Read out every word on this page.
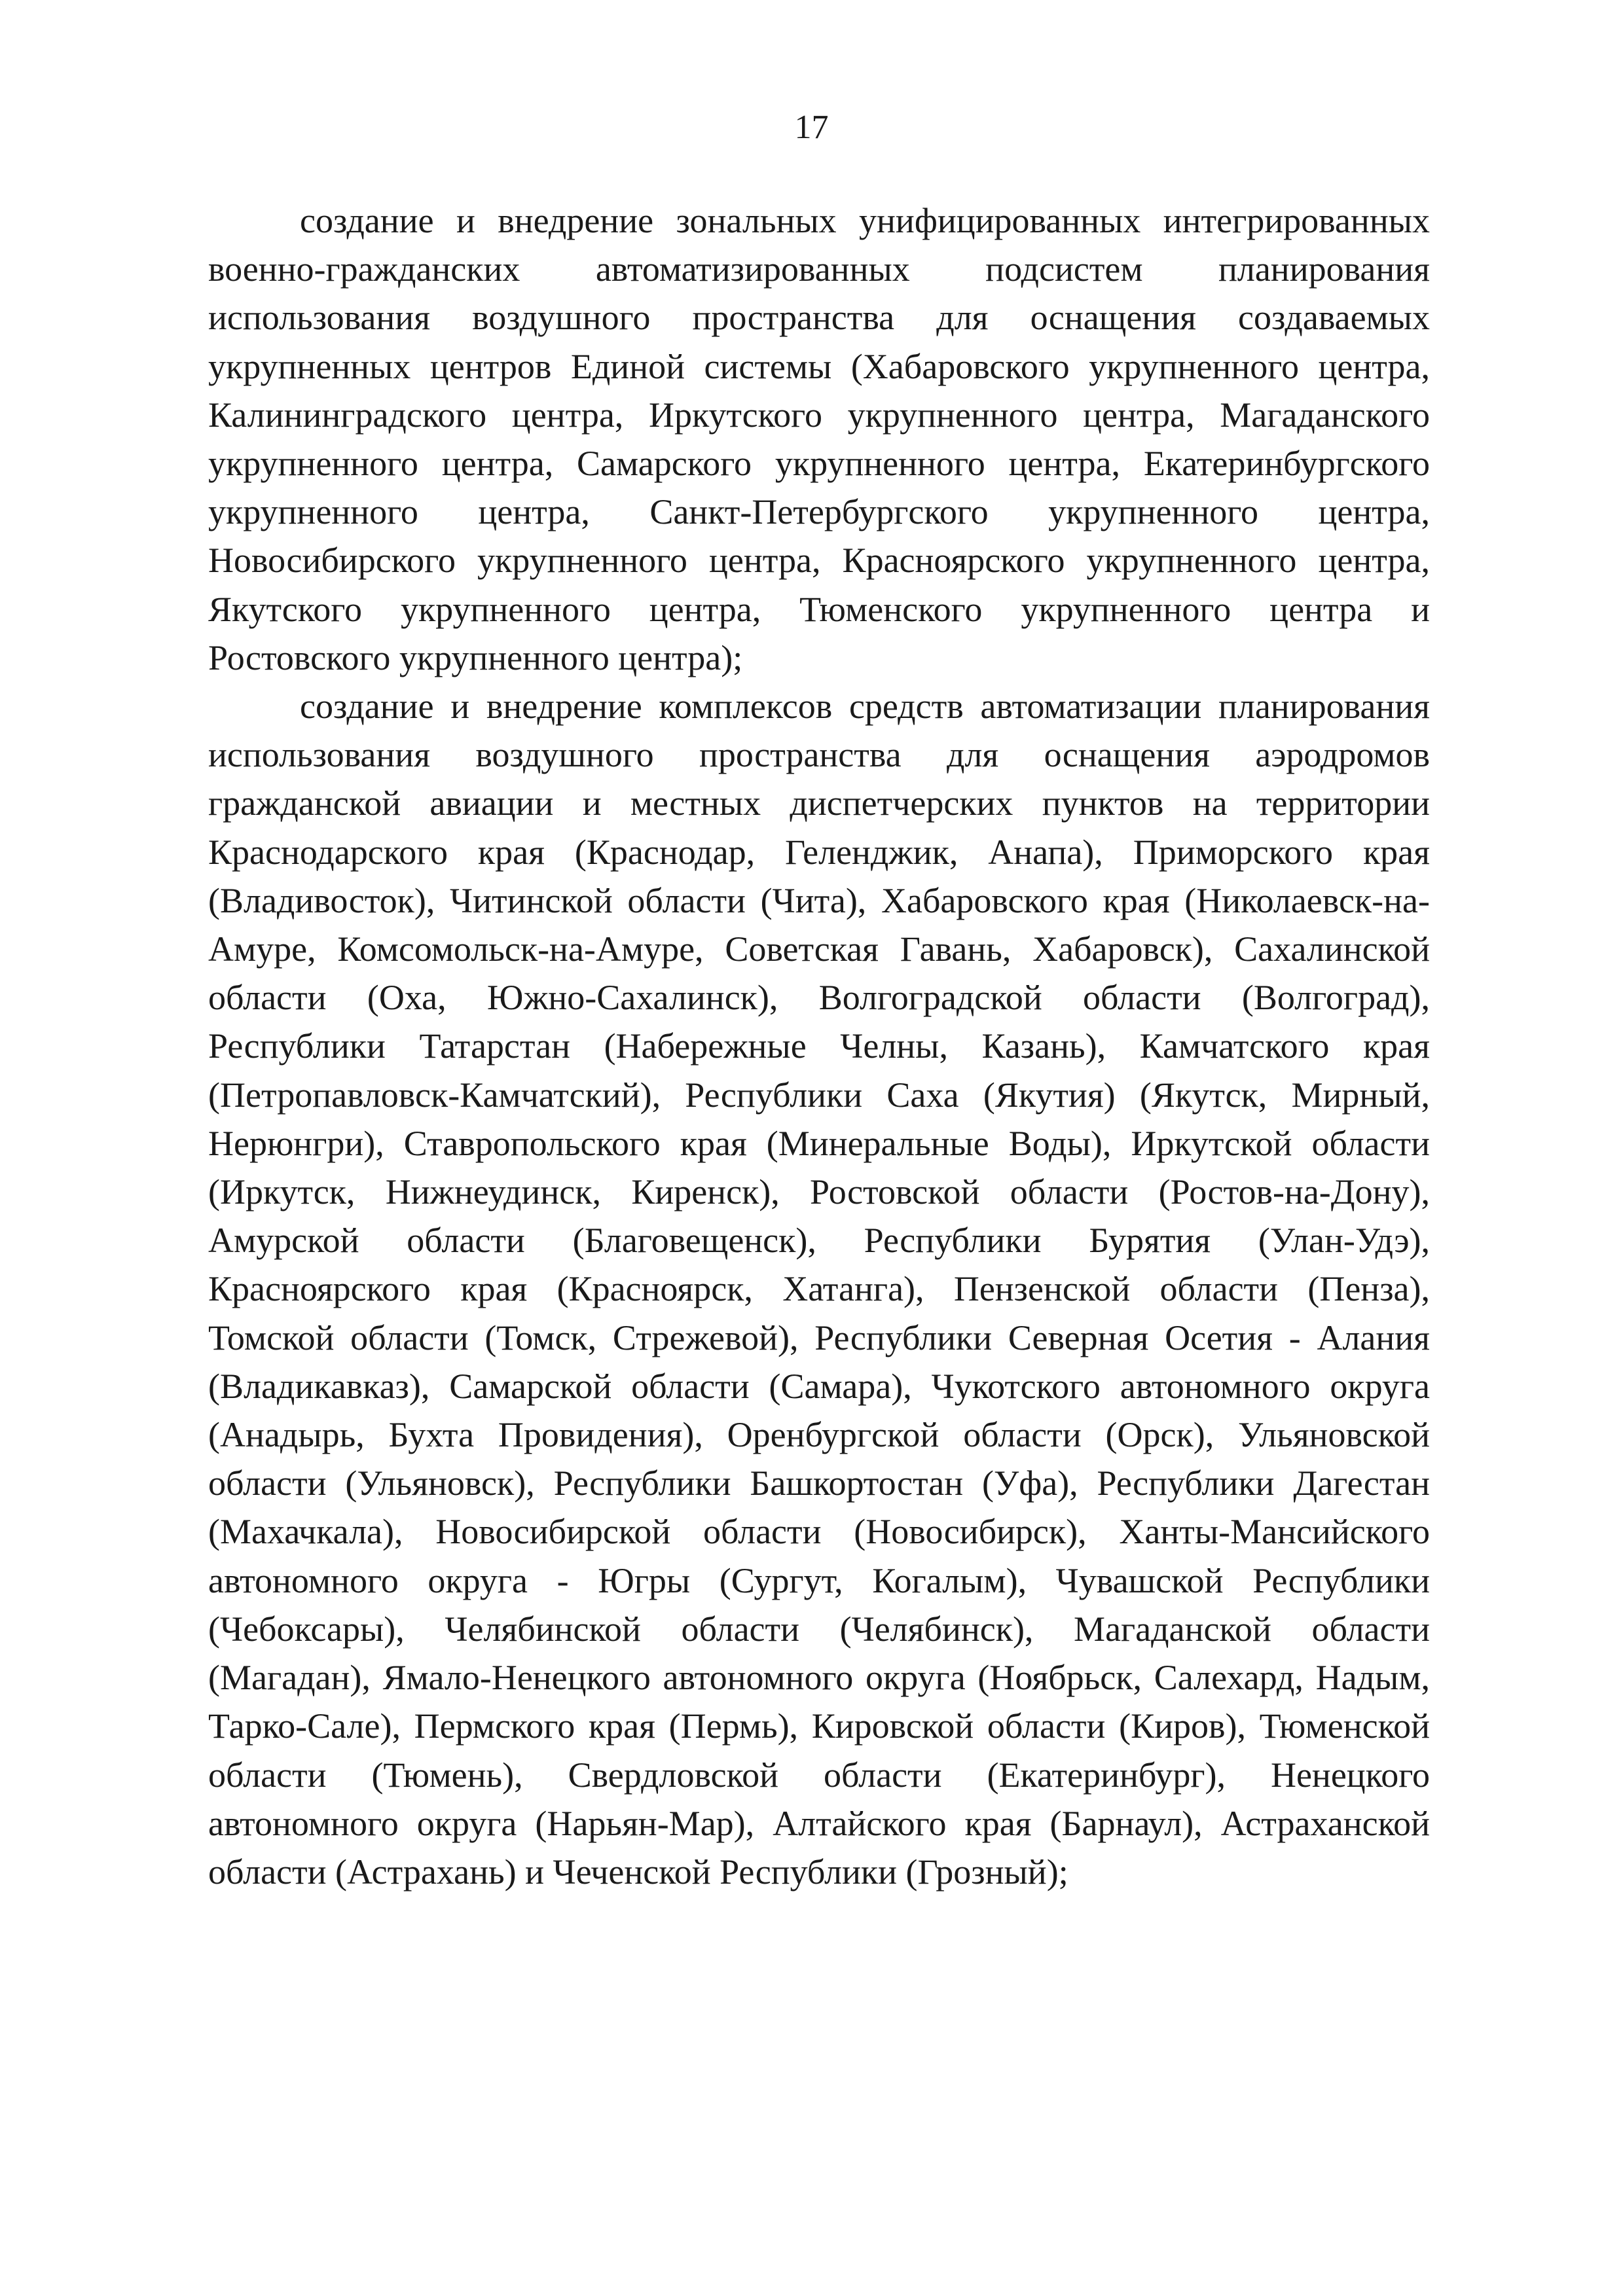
17

создание и внедрение зональных унифицированных интегрированных военно-гражданских автоматизированных подсистем планирования использования воздушного пространства для оснащения создаваемых укрупненных центров Единой системы (Хабаровского укрупненного центра, Калининградского центра, Иркутского укрупненного центра, Магаданского укрупненного центра, Самарского укрупненного центра, Екатеринбургского укрупненного центра, Санкт-Петербургского укрупненного центра, Новосибирского укрупненного центра, Красноярского укрупненного центра, Якутского укрупненного центра, Тюменского укрупненного центра и Ростовского укрупненного центра);

создание и внедрение комплексов средств автоматизации планирования использования воздушного пространства для оснащения аэродромов гражданской авиации и местных диспетчерских пунктов на территории Краснодарского края (Краснодар, Геленджик, Анапа), Приморского края (Владивосток), Читинской области (Чита), Хабаровского края (Николаевск-на-Амуре, Комсомольск-на-Амуре, Советская Гавань, Хабаровск), Сахалинской области (Оха, Южно-Сахалинск), Волгоградской области (Волгоград), Республики Татарстан (Набережные Челны, Казань), Камчатского края (Петропавловск-Камчатский), Республики Саха (Якутия) (Якутск, Мирный, Нерюнгри), Ставропольского края (Минеральные Воды), Иркутской области (Иркутск, Нижнеудинск, Киренск), Ростовской области (Ростов-на-Дону), Амурской области (Благовещенск), Республики Бурятия (Улан-Удэ), Красноярского края (Красноярск, Хатанга), Пензенской области (Пенза), Томской области (Томск, Стрежевой), Республики Северная Осетия - Алания (Владикавказ), Самарской области (Самара), Чукотского автономного округа (Анадырь, Бухта Провидения), Оренбургской области (Орск), Ульяновской области (Ульяновск), Республики Башкортостан (Уфа), Республики Дагестан (Махачкала), Новосибирской области (Новосибирск), Ханты-Мансийского автономного округа - Югры (Сургут, Когалым), Чувашской Республики (Чебоксары), Челябинской области (Челябинск), Магаданской области (Магадан), Ямало-Ненецкого автономного округа (Ноябрьск, Салехард, Надым, Тарко-Сале), Пермского края (Пермь), Кировской области (Киров), Тюменской области (Тюмень), Свердловской области (Екатеринбург), Ненецкого автономного округа (Нарьян-Мар), Алтайского края (Барнаул), Астраханской области (Астрахань) и Чеченской Республики (Грозный);
